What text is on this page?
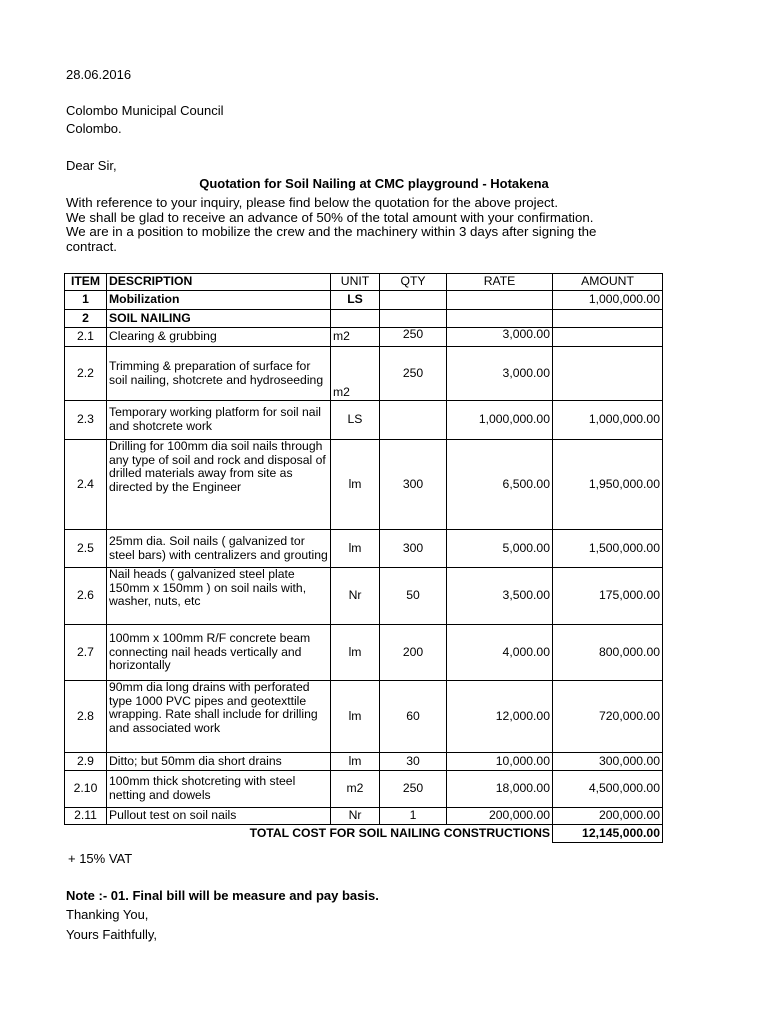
28.06.2016
Colombo Municipal Council
Colombo.
Dear Sir,
Quotation for Soil Nailing at CMC playground - Hotakena
With reference to your inquiry, please find below the quotation for the above project.
We shall be glad to receive an advance of 50% of the total amount with your confirmation.
We are in a position to mobilize the crew and the machinery within 3 days after signing the
contract.
ITEM	DESCRIPTION	UNIT	QTY	RATE	AMOUNT
1	Mobilization	LS			1,000,000.00
2	SOIL NAILING				
2.1	Clearing & grubbing	m2	250	3,000.00	
2.2	Trimming & preparation of surface for soil nailing, shotcrete and hydroseeding	m2	250	3,000.00	
2.3	Temporary working platform for soil nail and shotcrete work	LS		1,000,000.00	1,000,000.00
2.4	Drilling for 100mm dia soil nails through any type of soil and rock and disposal of drilled materials away from site as directed by the Engineer	lm	300	6,500.00	1,950,000.00
2.5	25mm dia. Soil nails ( galvanized tor steel bars) with centralizers and grouting	lm	300	5,000.00	1,500,000.00
2.6	Nail heads ( galvanized steel plate 150mm x 150mm ) on soil nails with, washer, nuts, etc	Nr	50	3,500.00	175,000.00
2.7	100mm x 100mm R/F concrete beam connecting nail heads vertically and horizontally	lm	200	4,000.00	800,000.00
2.8	90mm dia long drains with perforated type 1000 PVC pipes and geotexttile wrapping. Rate shall include for drilling and associated work	lm	60	12,000.00	720,000.00
2.9	Ditto; but 50mm dia short drains	lm	30	10,000.00	300,000.00
2.10	100mm thick shotcreting with steel netting and dowels	m2	250	18,000.00	4,500,000.00
2.11	Pullout test on soil nails	Nr	1	200,000.00	200,000.00
TOTAL COST FOR SOIL NAILING CONSTRUCTIONS					12,145,000.00
+ 15% VAT
Note :- 01. Final bill will be measure and pay basis.
Thanking You,
Yours Faithfully,
